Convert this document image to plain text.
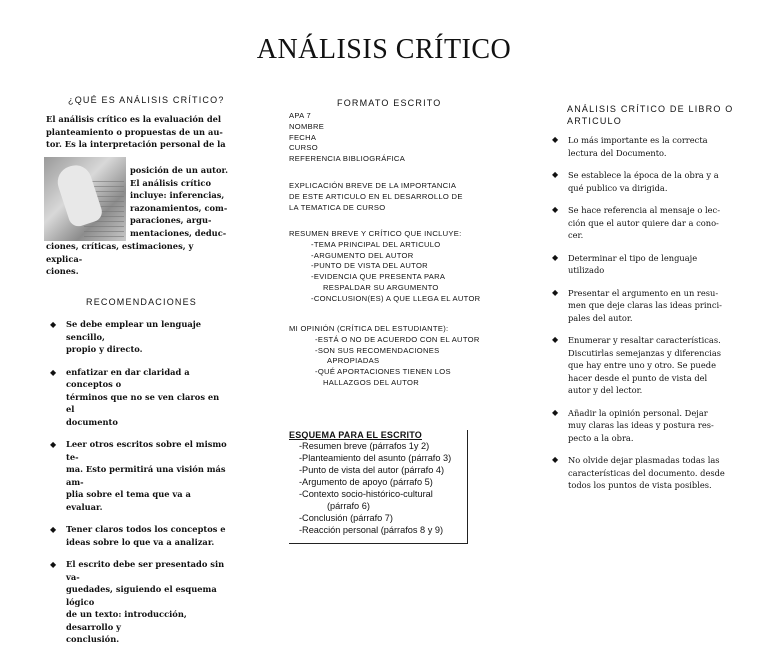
ANÁLISIS CRÍTICO
¿QUÉ ES ANÁLISIS CRÍTICO?
El análisis crítico es la evaluación del
planteamiento o propuestas de un au-
tor. Es la interpretación personal de la
posición de un autor.
El análisis crítico
incluye: inferencias,
razonamientos, com-
paraciones, argu-
mentaciones, deduc-
ciones, críticas, estimaciones, y explica-
ciones.
RECOMENDACIONES
◆ Se debe emplear un lenguaje sencillo,
propio y directo.
◆ enfatizar en dar claridad a conceptos o
términos que no se ven claros en el
documento
◆ Leer otros escritos sobre el mismo te-
ma. Esto permitirá una visión más am-
plia sobre el tema que va a evaluar.
◆ Tener claros todos los conceptos e
ideas sobre lo que va a analizar.
◆ El escrito debe ser presentado sin va-
guedades, siguiendo el esquema lógico
de un texto: introducción, desarrollo y
conclusión.
FORMATO ESCRITO
APA 7
NOMBRE
FECHA
CURSO
REFERENCIA BIBLIOGRÁFICA
EXPLICACIÓN BREVE DE LA IMPORTANCIA
DE ESTE ARTICULO EN EL DESARROLLO DE
LA TEMATICA DE CURSO
RESUMEN BREVE Y CRÍTICO QUE INCLUYE:
-TEMA PRINCIPAL DEL ARTICULO
-ARGUMENTO DEL AUTOR
-PUNTO DE VISTA DEL AUTOR
-EVIDENCIA QUE PRESENTA PARA
RESPALDAR SU ARGUMENTO
-CONCLUSION(ES) A QUE LLEGA EL AUTOR
MI OPINIÓN (CRÍTICA DEL ESTUDIANTE):
-ESTÁ O NO DE ACUERDO CON EL AUTOR
-SON SUS RECOMENDACIONES
APROPIADAS
-QUÉ APORTACIONES TIENEN LOS
HALLAZGOS DEL AUTOR
ESQUEMA PARA EL ESCRITO
-Resumen breve (párrafos 1y 2)
-Planteamiento del asunto (párrafo 3)
-Punto de vista del autor (párrafo 4)
-Argumento de apoyo (párrafo 5)
-Contexto socio-histórico-cultural
(párrafo 6)
-Conclusión (párrafo 7)
-Reacción personal (párrafos 8 y 9)
ANÁLISIS CRÍTICO DE LIBRO O
ARTICULO
◆ Lo más importante es la correcta
lectura del Documento.
◆ Se establece la época de la obra y a
qué publico va dirigida.
◆ Se hace referencia al mensaje o lec-
ción que el autor quiere dar a cono-
cer.
◆ Determinar el tipo de lenguaje
utilizado
◆ Presentar el argumento en un resu-
men que deje claras las ideas princi-
pales del autor.
◆ Enumerar y resaltar características.
Discutirlas semejanzas y diferencias
que hay entre uno y otro. Se puede
hacer desde el punto de vista del
autor y del lector.
◆ Añadir la opinión personal. Dejar
muy claras las ideas y postura res-
pecto a la obra.
◆ No olvide dejar plasmadas todas las
características del documento. desde
todos los puntos de vista posibles.
